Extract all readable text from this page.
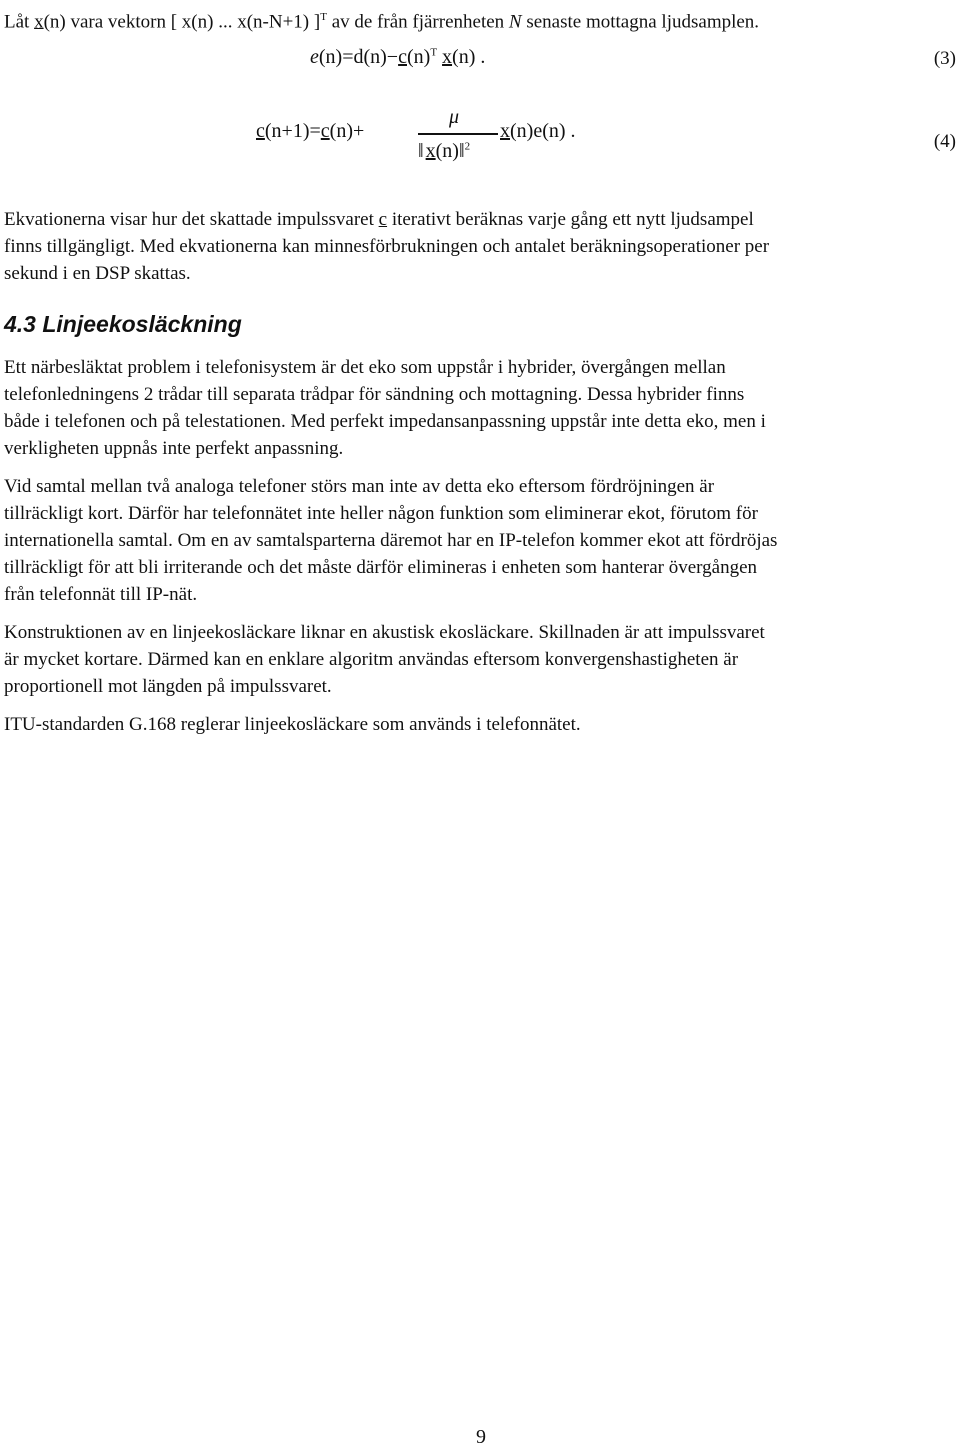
Låt x(n) vara vektorn [ x(n) ... x(n-N+1) ]$^T$ av de från fjärrenheten N senaste mottagna ljudsamplen.
$e(n)=d(n)-c(n)^T$ x(n) .	(3)
c(n+1)=c(n)+
μ
‖ x(n)‖$^2$
x(n)e(n) .	(4)
Ekvationerna visar hur det skattade impulssvaret c iterativt beräknas varje gång ett nytt ljudsampel
finns tillgängligt. Med ekvationerna kan minnesförbrukningen och antalet beräkningsoperationer per
sekund i en DSP skattas.
4.3 Linjeekosläckning
Ett närbesläktat problem i telefonisystem är det eko som uppstår i hybrider, övergången mellan
telefonledningens 2 trådar till separata trådpar för sändning och mottagning. Dessa hybrider finns
både i telefonen och på telestationen. Med perfekt impedansanpassning uppstår inte detta eko, men i
verkligheten uppnås inte perfekt anpassning.
Vid samtal mellan två analoga telefoner störs man inte av detta eko eftersom fördröjningen är
tillräckligt kort. Därför har telefonnätet inte heller någon funktion som eliminerar ekot, förutom för
internationella samtal. Om en av samtalsparterna däremot har en IP-telefon kommer ekot att fördröjas
tillräckligt för att bli irriterande och det måste därför elimineras i enheten som hanterar övergången
från telefonnät till IP-nät.
Konstruktionen av en linjeekosläckare liknar en akustisk ekosläckare. Skillnaden är att impulssvaret
är mycket kortare. Därmed kan en enklare algoritm användas eftersom konvergenshastigheten är
proportionell mot längden på impulssvaret.
ITU-standarden G.168 reglerar linjeekosläckare som används i telefonnätet.
9
